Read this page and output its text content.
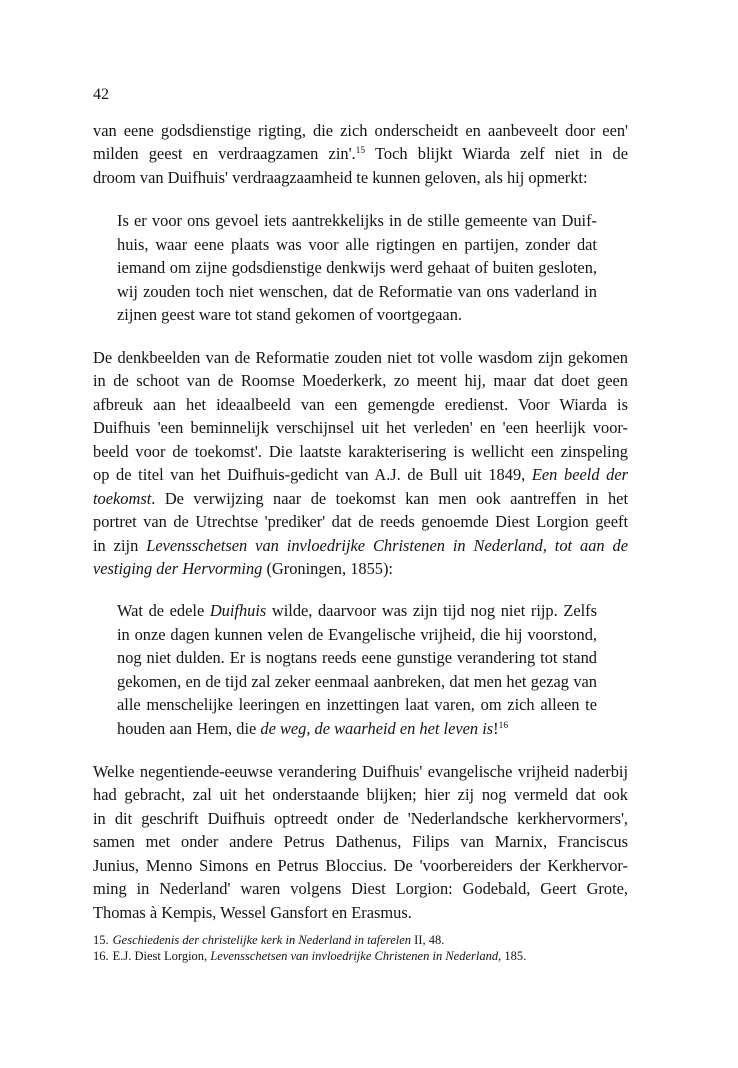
42
van eene godsdienstige rigting, die zich onderscheidt en aanbeveelt door een'
milden geest en verdraagzamen zin'.$^{15}$ Toch blijkt Wiarda zelf niet in de
droom van Duifhuis' verdraagzaamheid te kunnen geloven, als hij opmerkt:
Is er voor ons gevoel iets aantrekkelijks in de stille gemeente van Duif-
huis, waar eene plaats was voor alle rigtingen en partijen, zonder dat
iemand om zijne godsdienstige denkwijs werd gehaat of buiten gesloten,
wij zouden toch niet wenschen, dat de Reformatie van ons vaderland in
zijnen geest ware tot stand gekomen of voortgegaan.
De denkbeelden van de Reformatie zouden niet tot volle wasdom zijn gekomen
in de schoot van de Roomse Moederkerk, zo meent hij, maar dat doet geen
afbreuk aan het ideaalbeeld van een gemengde eredienst. Voor Wiarda is
Duifhuis 'een beminnelijk verschijnsel uit het verleden' en 'een heerlijk voor-
beeld voor de toekomst'. Die laatste karakterisering is wellicht een zinspeling
op de titel van het Duifhuis-gedicht van A.J. de Bull uit 1849, Een beeld der
toekomst. De verwijzing naar de toekomst kan men ook aantreffen in het
portret van de Utrechtse 'prediker' dat de reeds genoemde Diest Lorgion geeft
in zijn Levensschetsen van invloedrijke Christenen in Nederland, tot aan de
vestiging der Hervorming (Groningen, 1855):
Wat de edele Duifhuis wilde, daarvoor was zijn tijd nog niet rijp. Zelfs
in onze dagen kunnen velen de Evangelische vrijheid, die hij voorstond,
nog niet dulden. Er is nogtans reeds eene gunstige verandering tot stand
gekomen, en de tijd zal zeker eenmaal aanbreken, dat men het gezag van
alle menschelijke leeringen en inzettingen laat varen, om zich alleen te
houden aan Hem, die de weg, de waarheid en het leven is!$^{16}$
Welke negentiende-eeuwse verandering Duifhuis' evangelische vrijheid naderbij
had gebracht, zal uit het onderstaande blijken; hier zij nog vermeld dat ook
in dit geschrift Duifhuis optreedt onder de 'Nederlandsche kerkhervormers',
samen met onder andere Petrus Dathenus, Filips van Marnix, Franciscus
Junius, Menno Simons en Petrus Bloccius. De 'voorbereiders der Kerkhervor-
ming in Nederland' waren volgens Diest Lorgion: Godebald, Geert Grote,
Thomas à Kempis, Wessel Gansfort en Erasmus.
15. Geschiedenis der christelijke kerk in Nederland in taferelen II, 48.
16. E.J. Diest Lorgion, Levensschetsen van invloedrijke Christenen in Nederland, 185.
